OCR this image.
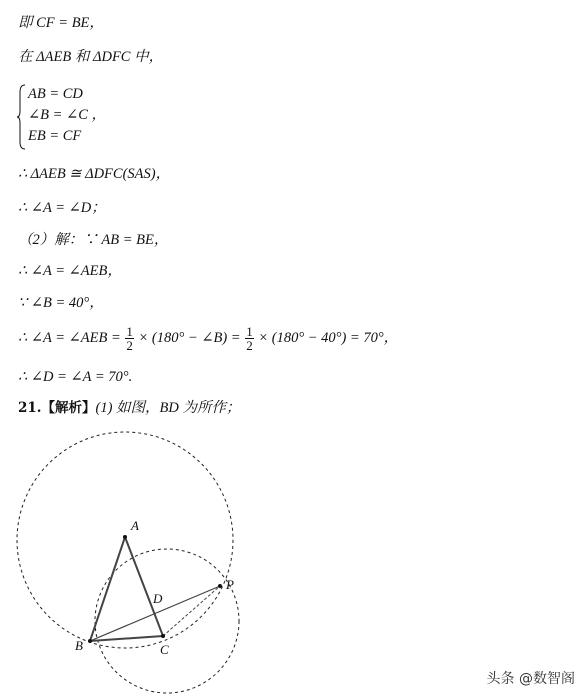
即 CF = BE，
在 ΔAEB 和 ΔDFC 中，
AB = CD
∠B = ∠C ，
EB = CF
∴ ΔAEB ≅ ΔDFC(SAS)，
∴ ∠A = ∠D；
（2）解：∵ AB = BE，
∴ ∠A = ∠AEB，
∵ ∠B = 40°，
∴ ∠A = ∠AEB = $\frac{1}{2} \times (180^\circ$ − ∠B) = $\frac{1}{2} \times (180^\circ - 40^\circ) = 70^\circ$，
∴ ∠D = ∠A = 70°.
21.【解析】(1) 如图，BD 为所作；
A
B	C
D
P
头条 @数智阁
